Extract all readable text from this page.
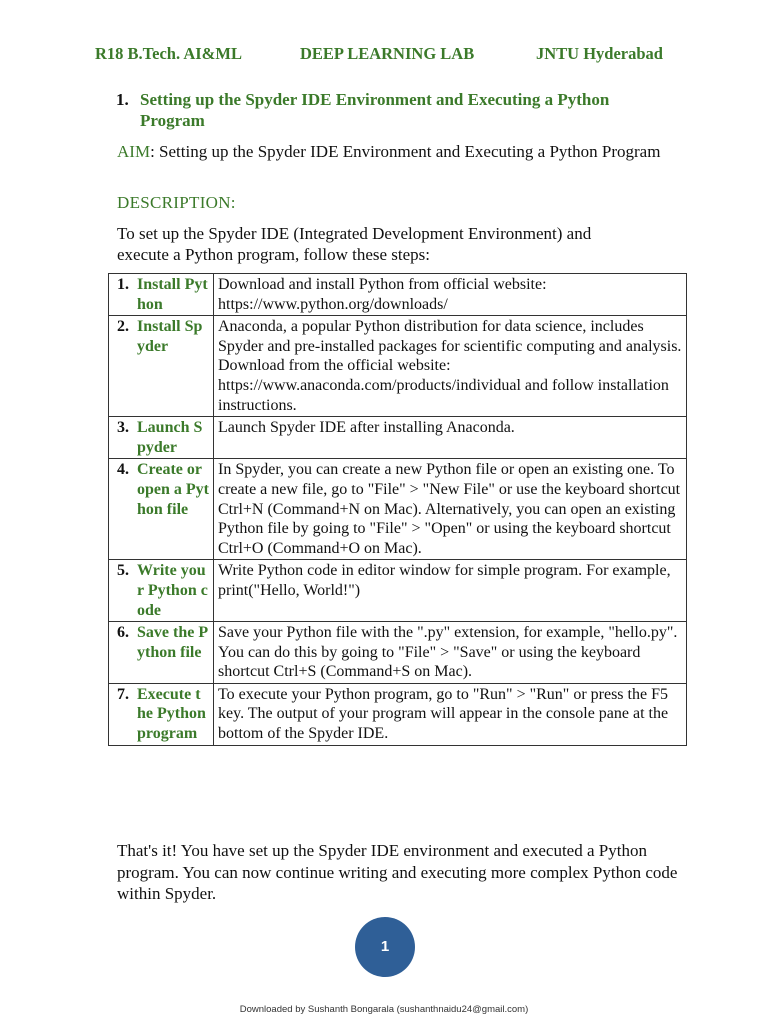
R18 B.Tech. AI&ML	DEEP LEARNING LAB	JNTU Hyderabad
1. Setting up the Spyder IDE Environment and Executing a Python Program
AIM: Setting up the Spyder IDE Environment and Executing a Python Program
DESCRIPTION:
To set up the Spyder IDE (Integrated Development Environment) and execute a Python program, follow these steps:
1. Install Python	Download and install Python from official website: https://www.python.org/downloads/

2. Install Spyder	Anaconda, a popular Python distribution for data science, includes Spyder and pre-installed packages for scientific computing and analysis. Download from the official website: https://www.anaconda.com/products/individual and follow installation instructions.

3. Launch Spyder	Launch Spyder IDE after installing Anaconda.

4. Create or open a Python file	In Spyder, you can create a new Python file or open an existing one. To create a new file, go to "File" > "New File" or use the keyboard shortcut Ctrl+N (Command+N on Mac). Alternatively, you can open an existing Python file by going to "File" > "Open" or using the keyboard shortcut Ctrl+O (Command+O on Mac).

5. Write your Python code	Write Python code in editor window for simple program. For example,
print("Hello, World!")

6. Save the Python file	Save your Python file with the ".py" extension, for example, "hello.py". You can do this by going to "File" > "Save" or using the keyboard shortcut Ctrl+S (Command+S on Mac).

7. Execute the Python program	To execute your Python program, go to "Run" > "Run" or press the F5 key. The output of your program will appear in the console pane at the bottom of the Spyder IDE.
That's it! You have set up the Spyder IDE environment and executed a Python program. You can now continue writing and executing more complex Python code within Spyder.
1
Downloaded by Sushanth Bongarala (sushanthnaidu24@gmail.com)
